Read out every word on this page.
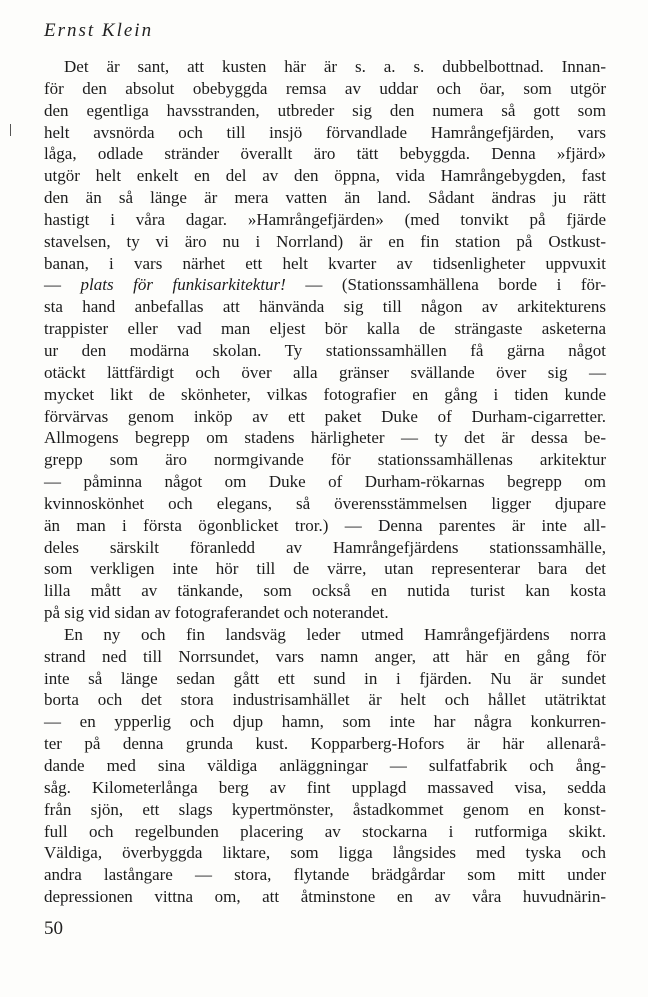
Ernst Klein
Det är sant, att kusten här är s. a. s. dubbelbottnad. Innan-
för den absolut obebyggda remsa av uddar och öar, som utgör
den egentliga havsstranden, utbreder sig den numera så gott som
helt avsnörda och till insjö förvandlade Hamrångefjärden, vars
låga, odlade stränder överallt äro tätt bebyggda. Denna »fjärd»
utgör helt enkelt en del av den öppna, vida Hamrångebygden, fast
den än så länge är mera vatten än land. Sådant ändras ju rätt
hastigt i våra dagar. »Hamrångefjärden» (med tonvikt på fjärde
stavelsen, ty vi äro nu i Norrland) är en fin station på Ostkust-
banan, i vars närhet ett helt kvarter av tidsenligheter uppvuxit
— plats för funkisarkitektur! — (Stationssamhällena borde i för-
sta hand anbefallas att hänvända sig till någon av arkitekturens
trappister eller vad man eljest bör kalla de strängaste asketerna
ur den modärna skolan. Ty stationssamhällen få gärna något
otäckt lättfärdigt och över alla gränser svällande över sig —
mycket likt de skönheter, vilkas fotografier en gång i tiden kunde
förvärvas genom inköp av ett paket Duke of Durham-cigarretter.
Allmogens begrepp om stadens härligheter — ty det är dessa be-
grepp som äro normgivande för stationssamhällenas arkitektur
— påminna något om Duke of Durham-rökarnas begrepp om
kvinnoskönhet och elegans, så överensstämmelsen ligger djupare
än man i första ögonblicket tror.) — Denna parentes är inte all-
deles särskilt föranledd av Hamrångefjärdens stationssamhälle,
som verkligen inte hör till de värre, utan representerar bara det
lilla mått av tänkande, som också en nutida turist kan kosta
på sig vid sidan av fotograferandet och noterandet.
En ny och fin landsväg leder utmed Hamrångefjärdens norra
strand ned till Norrsundet, vars namn anger, att här en gång för
inte så länge sedan gått ett sund in i fjärden. Nu är sundet
borta och det stora industrisamhället är helt och hållet utätriktat
— en ypperlig och djup hamn, som inte har några konkurren-
ter på denna grunda kust. Kopparberg-Hofors är här allenarå-
dande med sina väldiga anläggningar — sulfatfabrik och ång-
såg. Kilometerlånga berg av fint upplagd massaved visa, sedda
från sjön, ett slags kypertmönster, åstadkommet genom en konst-
full och regelbunden placering av stockarna i rutformiga skikt.
Väldiga, överbyggda liktare, som ligga långsides med tyska och
andra lastångare — stora, flytande brädgårdar som mitt under
depressionen vittna om, att åtminstone en av våra huvudnärin-
50
